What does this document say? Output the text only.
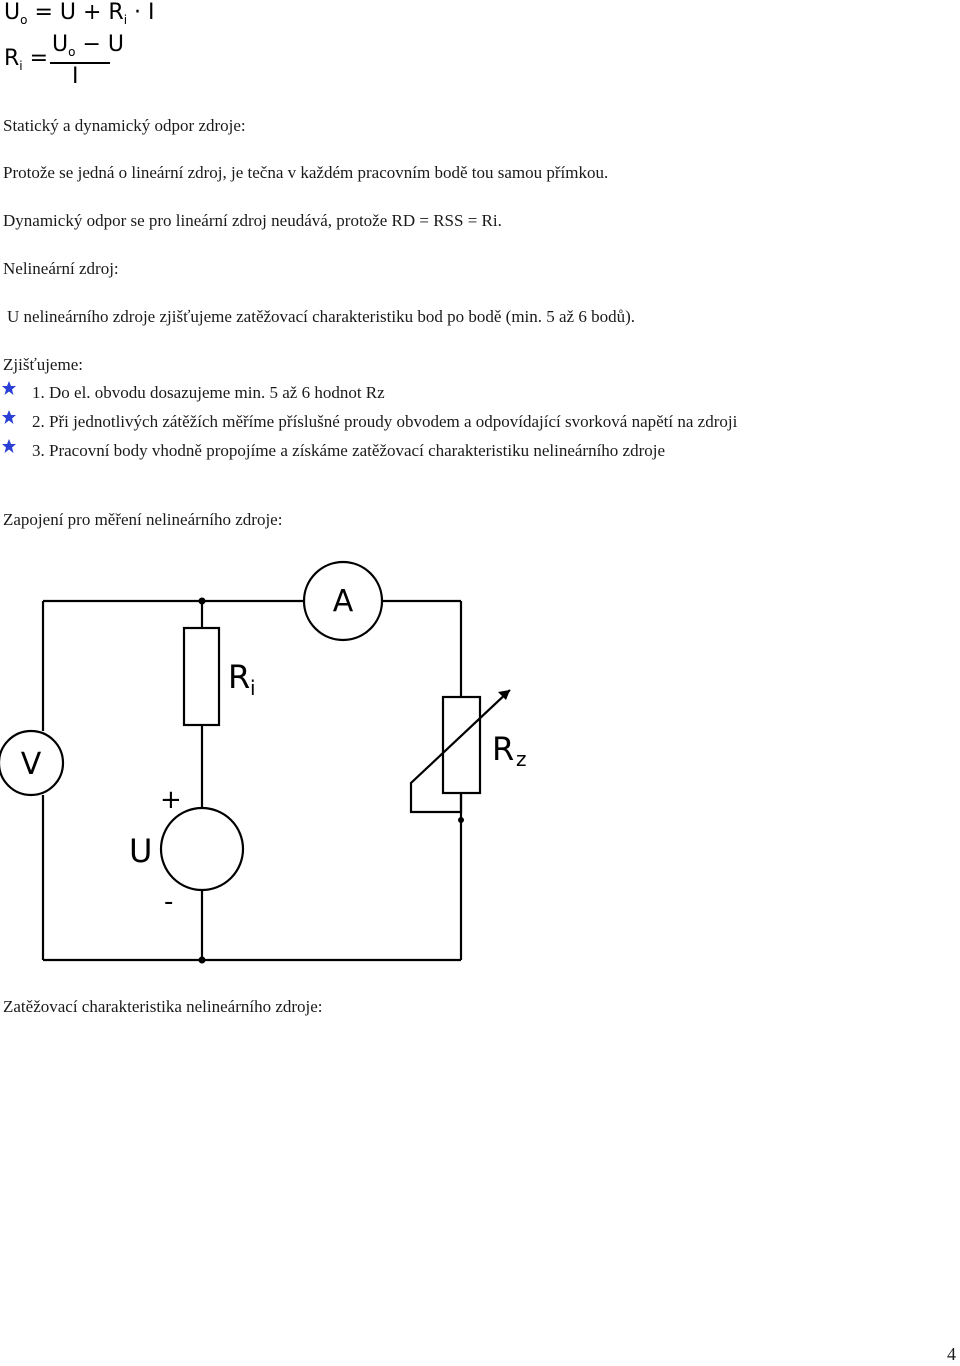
$U_o = U + R_i \cdot I$
$R_i$ =
$U_o - U$
I
Statický a dynamický odpor zdroje:
Protože se jedná o lineární zdroj, je tečna v každém pracovním bodě tou samou přímkou.
Dynamický odpor se pro lineární zdroj neudává, protože RD = RSS = Ri.
Nelineární zdroj:
U nelineárního zdroje zjišťujeme zatěžovací charakteristiku bod po bodě (min. 5 až 6 bodů).
Zjišťujeme:
1. Do el. obvodu dosazujeme min. 5 až 6 hodnot Rz
2. Při jednotlivých zátěžích měříme příslušné proudy obvodem a odpovídající svorková napětí na zdroji
3. Pracovní body vhodně propojíme a získáme zatěžovací charakteristiku nelineárního zdroje
Zapojení pro měření nelineárního zdroje:
A
V
R i
R z
U
+
-
Zatěžovací charakteristika nelineárního zdroje:
4
